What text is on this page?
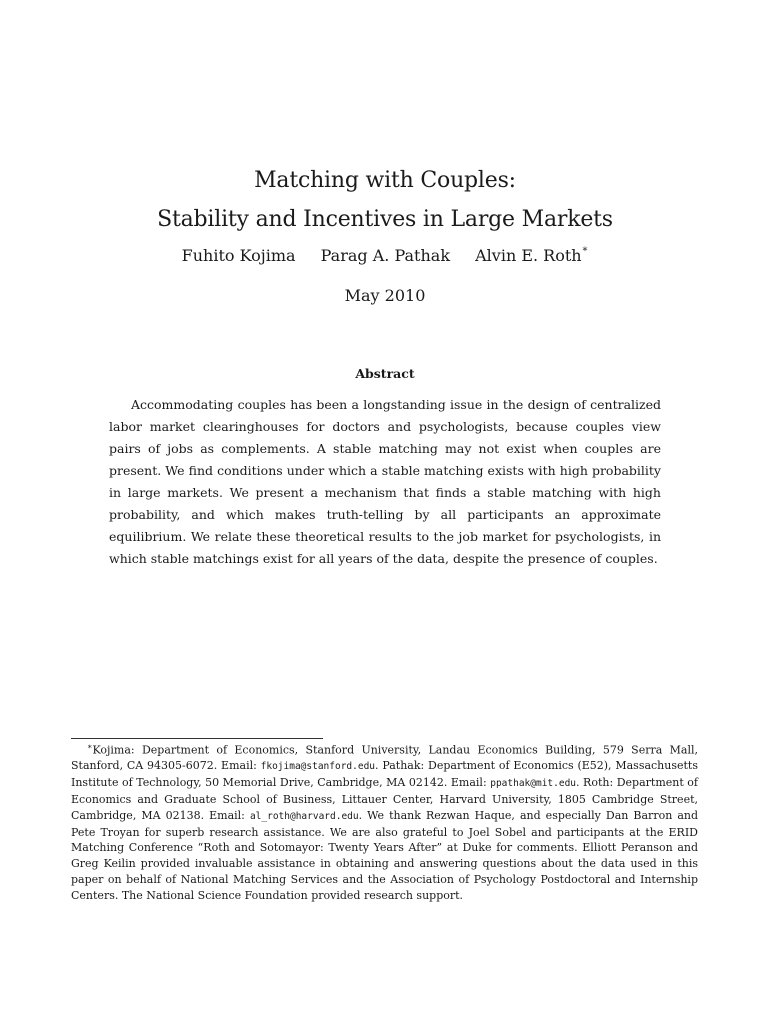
Matching with Couples:
Stability and Incentives in Large Markets
Fuhito Kojima Parag A. Pathak Alvin E. Roth∗
May 2010
Abstract

Accommodating couples has been a longstanding issue in the design of centralized labor market clearinghouses for doctors and psychologists, because couples view pairs of jobs as complements. A stable matching may not exist when couples are present. We find conditions under which a stable matching exists with high probability in large markets. We present a mechanism that finds a stable matching with high probability, and which makes truth-telling by all participants an approximate equilibrium. We relate these theoretical results to the job market for psychologists, in which stable matchings exist for all years of the data, despite the presence of couples.

∗Kojima: Department of Economics, Stanford University, Landau Economics Building, 579 Serra Mall, Stanford, CA 94305-6072. Email: fkojima@stanford.edu. Pathak: Department of Economics (E52), Massachusetts Institute of Technology, 50 Memorial Drive, Cambridge, MA 02142. Email: ppathak@mit.edu. Roth: Department of Economics and Graduate School of Business, Littauer Center, Harvard University, 1805 Cambridge Street, Cambridge, MA 02138. Email: al_roth@harvard.edu. We thank Rezwan Haque, and especially Dan Barron and Pete Troyan for superb research assistance. We are also grateful to Joel Sobel and participants at the ERID Matching Conference “Roth and Sotomayor: Twenty Years After” at Duke for comments. Elliott Peranson and Greg Keilin provided invaluable assistance in obtaining and answering questions about the data used in this paper on behalf of National Matching Services and the Association of Psychology Postdoctoral and Internship Centers. The National Science Foundation provided research support.
